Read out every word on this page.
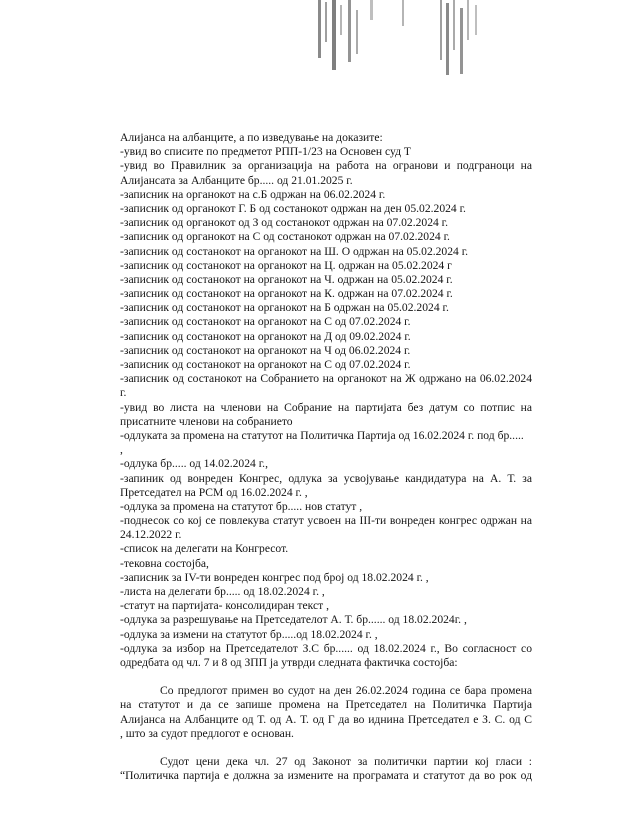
Алијанса на албанците, а по изведување на доказите:
-увид во списите по предметот РПП-1/23 на Основен суд Т
-увид во Правилник за организација на работа на огранови и подграноци на
Алијансата за Албанците бр..... од 21.01.2025 г.
-записник на органокот на с.Б одржан на 06.02.2024 г.
-записник од органокот Г. Б од состанокот одржан на ден 05.02.2024 г.
-записник од органокот од З од состанокот одржан на 07.02.2024 г.
-записник од органокот на С од состанокот одржан на 07.02.2024 г.
-записник од состанокот на органокот на Ш. О одржан на 05.02.2024 г.
-записник од состанокот на органокот на Ц. одржан на 05.02.2024 г
-записник од состанокот на органокот на Ч. одржан на 05.02.2024 г.
-записник од состанокот на органокот на К. одржан на 07.02.2024 г.
-записник од состанокот на органокот на Б одржан на 05.02.2024 г.
-записник од состанокот на органокот на С од 07.02.2024 г.
-записник од состанокот на органокот на Д од 09.02.2024 г.
-записник од состанокот на органокот на Ч од 06.02.2024 г.
-записник од состанокот на органокот на С од 07.02.2024 г.
-записник од состанокот на Собранието на органокот на Ж одржано на 06.02.2024
г.
-увид во листа на членови на Собрание на партијата без датум со потпис на
присатните членови на собранието
-одлуката за промена на статутот на Политичка Партија од 16.02.2024 г. под бр.....
,
-одлука бр..... од 14.02.2024 г.,
-запиник од вонреден Конгрес, одлука за усвојување кандидатура на А. Т. за
Претседател на РСМ од 16.02.2024 г. ,
-одлука за промена на статутот бр..... нов статут ,
-поднесок со кој се повлекува статут усвоен на III-ти вонреден конгрес одржан на
24.12.2022 г.
-список на делегати на Конгресот.
-тековна состојба,
-записник за IV-ти вонреден конгрес под број од 18.02.2024 г. ,
-листа на делегати бр..... од 18.02.2024 г. ,
-статут на партијата- консолидиран текст ,
-одлука за разрешување на Претседателот А. Т. бр...... од 18.02.2024г. ,
-одлука за измени на статутот бр.....од 18.02.2024 г. ,
-одлука за избор на Претседателот З.С бр...... од 18.02.2024 г., Во согласност со
одредбата од чл. 7 и 8 од ЗПП ја утврди следната фактичка состојба:
Со предлогот примен во судот на ден 26.02.2024 година се бара промена
на статутот и да се запише промена на Претседател на Политичка Партија
Алијанса на Албанците од Т. од А. Т. од Г да во иднина Претседател е З. С. од С
, што за судот предлогот е основан.
Судот цени дека чл. 27 од Законот за политички партии кој гласи :
“Политичка партија е должна за измените на програмата и статутот да во рок од
